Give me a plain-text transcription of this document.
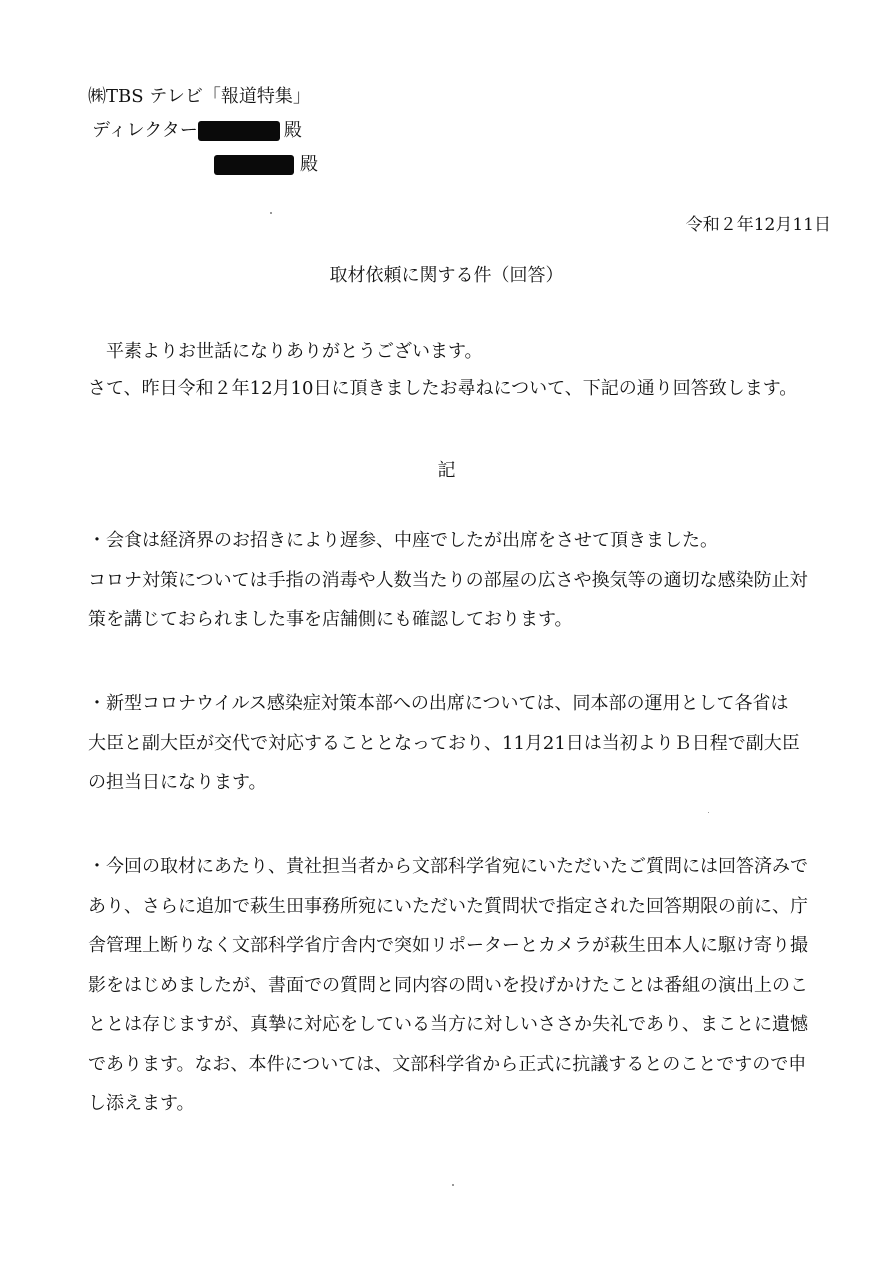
㈱TBS テレビ「報道特集」
ディレクター	殿
殿
令和２年12月11日
取材依頼に関する件（回答）
平素よりお世話になりありがとうございます。
さて、昨日令和２年12月10日に頂きましたお尋ねについて、下記の通り回答致します。
記
・会食は経済界のお招きにより遅参、中座でしたが出席をさせて頂きました。
コロナ対策については手指の消毒や人数当たりの部屋の広さや換気等の適切な感染防止対
策を講じておられました事を店舗側にも確認しております。
・新型コロナウイルス感染症対策本部への出席については、同本部の運用として各省は
大臣と副大臣が交代で対応することとなっており、11月21日は当初よりＢ日程で副大臣
の担当日になります。
・今回の取材にあたり、貴社担当者から文部科学省宛にいただいたご質問には回答済みで
あり、さらに追加で萩生田事務所宛にいただいた質問状で指定された回答期限の前に、庁
舎管理上断りなく文部科学省庁舎内で突如リポーターとカメラが萩生田本人に駆け寄り撮
影をはじめましたが、書面での質問と同内容の問いを投げかけたことは番組の演出上のこ
ととは存じますが、真摯に対応をしている当方に対しいささか失礼であり、まことに遺憾
であります。なお、本件については、文部科学省から正式に抗議するとのことですので申
し添えます。
